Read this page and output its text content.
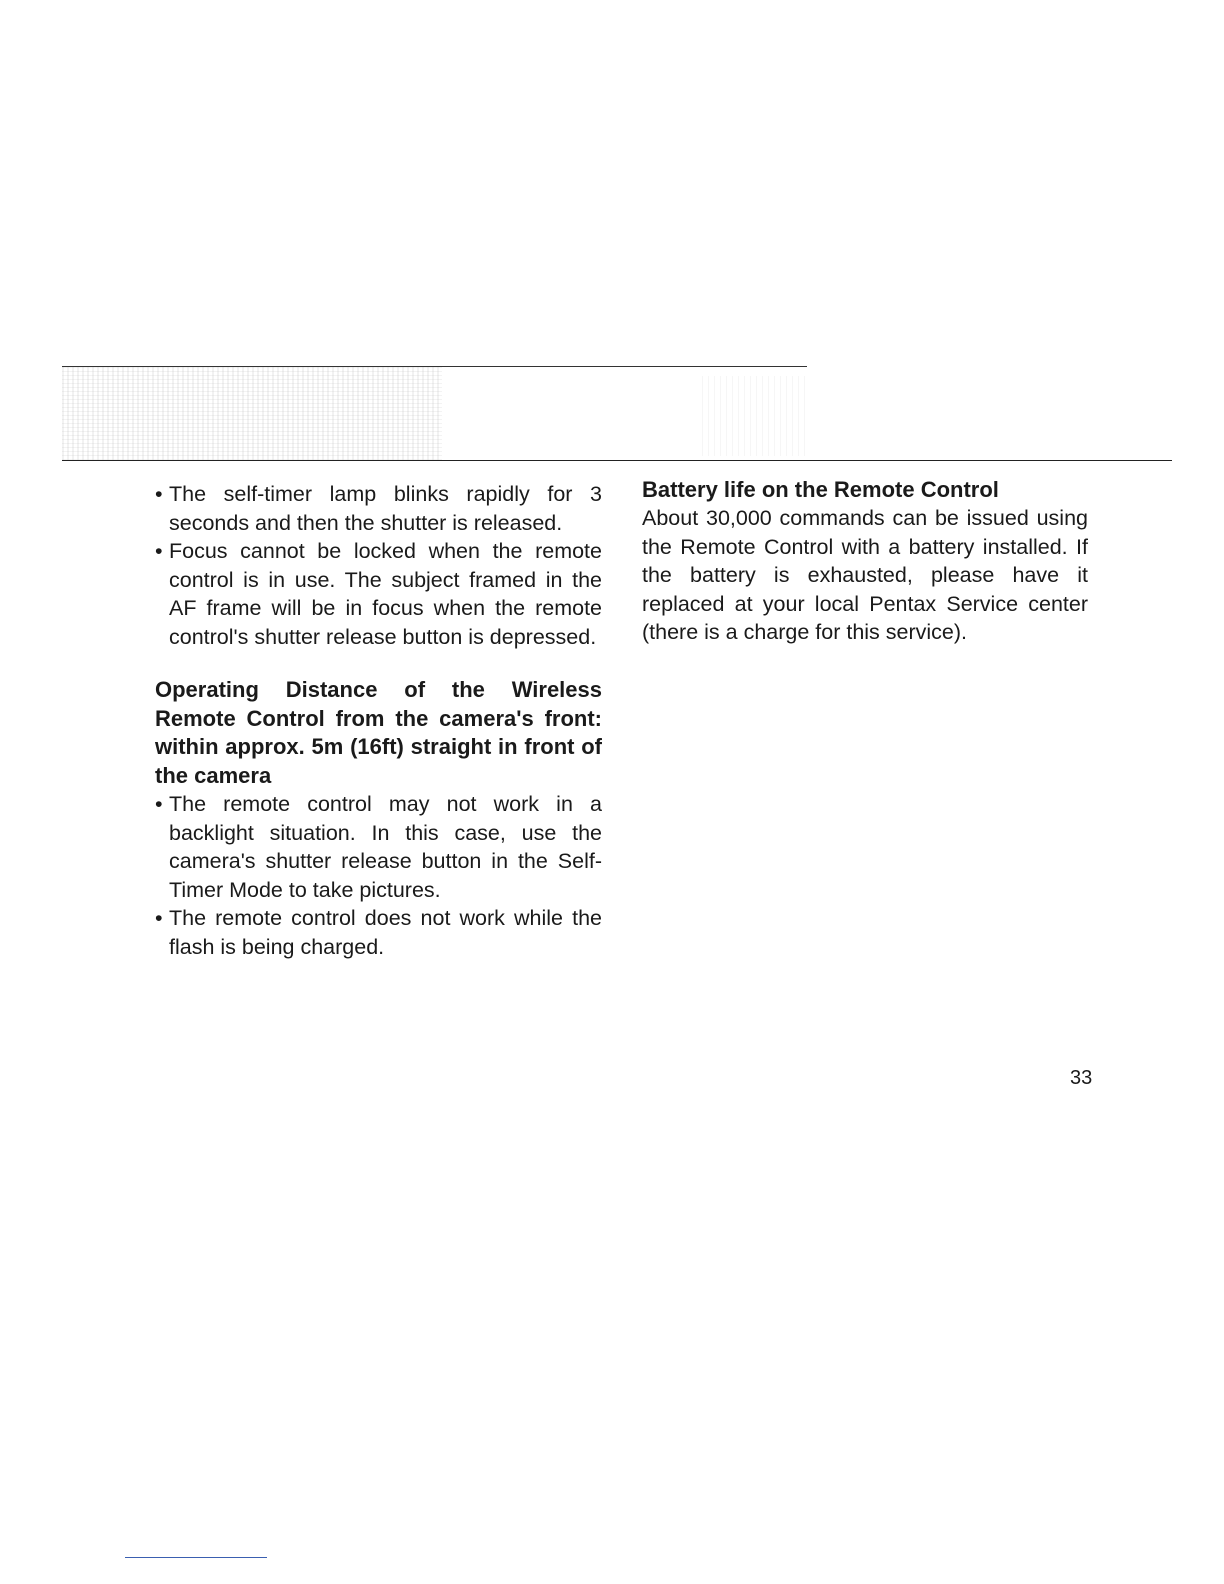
• The self-timer lamp blinks rapidly for 3 seconds and then the shutter is released.
• Focus cannot be locked when the remote control is in use. The subject framed in the AF frame will be in focus when the remote control's shutter release button is depressed.
Operating Distance of the Wireless Remote Control from the camera's front: within approx. 5m (16ft) straight in front of the camera
• The remote control may not work in a backlight situation. In this case, use the camera's shutter release button in the Self-Timer Mode to take pictures.
• The remote control does not work while the flash is being charged.
Battery life on the Remote Control

About 30,000 commands can be issued using the Remote Control with a battery installed. If the battery is exhausted, please have it replaced at your local Pentax Service center (there is a charge for this service).

33
